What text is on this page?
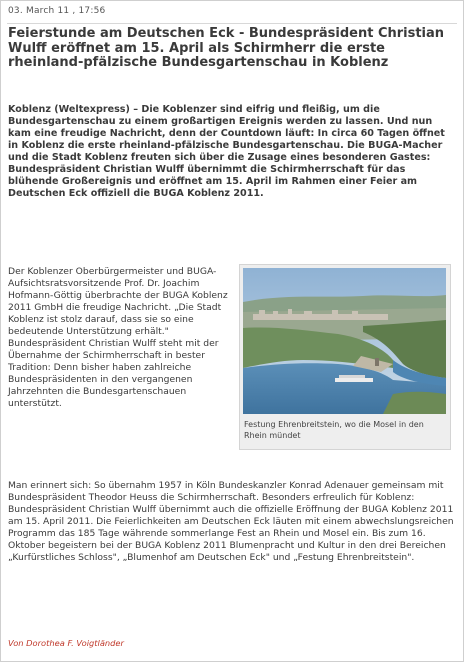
03. March 11 , 17:56
Feierstunde am Deutschen Eck - Bundespräsident Christian Wulff eröffnet am 15. April als Schirmherr die erste rheinland-pfälzische Bundesgartenschau in Koblenz

Koblenz (Weltexpress) – Die Koblenzer sind eifrig und fleißig, um die Bundesgartenschau zu einem großartigen Ereignis werden zu lassen. Und nun kam eine freudige Nachricht, denn der Countdown läuft: In circa 60 Tagen öffnet in Koblenz die erste rheinland-pfälzische Bundesgartenschau. Die BUGA-Macher und die Stadt Koblenz freuten sich über die Zusage eines besonderen Gastes: Bundespräsident Christian Wulff übernimmt die Schirmherrschaft für das blühende Großereignis und eröffnet am 15. April im Rahmen einer Feier am Deutschen Eck offiziell die BUGA Koblenz 2011.

Der Koblenzer Oberbürgermeister und BUGA-Aufsichtsratsvorsitzende Prof. Dr. Joachim Hofmann-Göttig überbrachte der BUGA Koblenz 2011 GmbH die freudige Nachricht. „Die Stadt Koblenz ist stolz darauf, dass sie so eine bedeutende Unterstützung erhält." Bundespräsident Christian Wulff steht mit der Übernahme der Schirmherrschaft in bester Tradition: Denn bisher haben zahlreiche Bundespräsidenten in den vergangenen Jahrzehnten die Bundesgartenschauen unterstützt.

Festung Ehrenbreitstein, wo die Mosel in den Rhein mündet

Man erinnert sich: So übernahm 1957 in Köln Bundeskanzler Konrad Adenauer gemeinsam mit Bundespräsident Theodor Heuss die Schirmherrschaft. Besonders erfreulich für Koblenz: Bundespräsident Christian Wulff übernimmt auch die offizielle Eröffnung der BUGA Koblenz 2011 am 15. April 2011. Die Feierlichkeiten am Deutschen Eck läuten mit einem abwechslungsreichen Programm das 185 Tage währende sommerlange Fest an Rhein und Mosel ein. Bis zum 16. Oktober begeistern bei der BUGA Koblenz 2011 Blumenpracht und Kultur in den drei Bereichen „Kurfürstliches Schloss", „Blumenhof am Deutschen Eck" und „Festung Ehrenbreitstein".

Von Dorothea F. Voigtländer
